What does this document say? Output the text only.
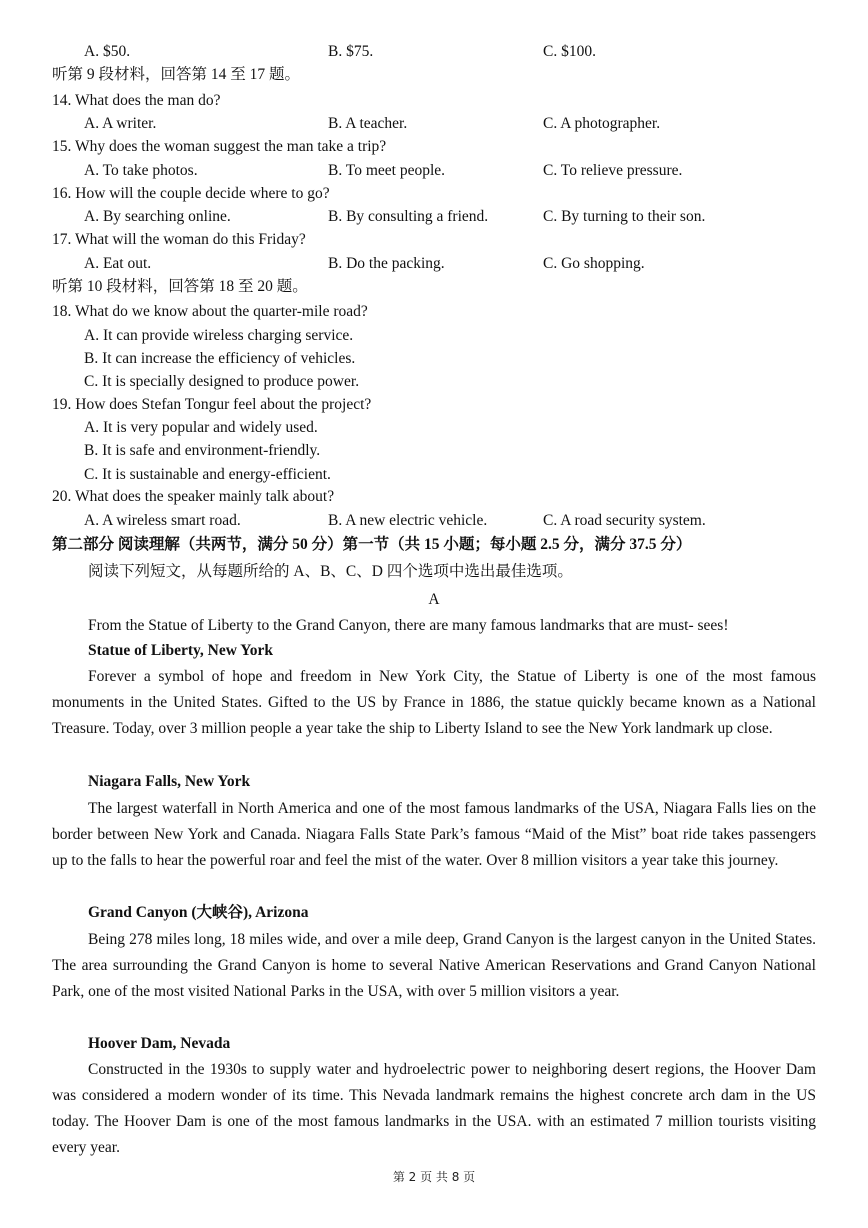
A. $50.	B. $75.	C. $100.
听第 9 段材料，回答第 14 至 17 题。
14. What does the man do?
A. A writer.	B. A teacher.	C. A photographer.
15. Why does the woman suggest the man take a trip?
A. To take photos.	B. To meet people.	C. To relieve pressure.
16. How will the couple decide where to go?
A. By searching online.	B. By consulting a friend.	C. By turning to their son.
17. What will the woman do this Friday?
A. Eat out.	B. Do the packing.	C. Go shopping.
听第 10 段材料，回答第 18 至 20 题。
18. What do we know about the quarter-mile road?
A. It can provide wireless charging service.
B. It can increase the efficiency of vehicles.
C. It is specially designed to produce power.
19. How does Stefan Tongur feel about the project?
A. It is very popular and widely used.
B. It is safe and environment-friendly.
C. It is sustainable and energy-efficient.
20. What does the speaker mainly talk about?
A. A wireless smart road.	B. A new electric vehicle.	C. A road security system.
第二部分 阅读理解（共两节，满分 50 分）第一节（共 15 小题；每小题 2.5 分，满分 37.5 分）
阅读下列短文，从每题所给的 A、B、C、D 四个选项中选出最佳选项。
A
From the Statue of Liberty to the Grand Canyon, there are many famous landmarks that are must- sees!
Statue of Liberty, New York
Forever a symbol of hope and freedom in New York City, the Statue of Liberty is one of the most famous monuments in the United States. Gifted to the US by France in 1886, the statue quickly became known as a National Treasure. Today, over 3 million people a year take the ship to Liberty Island to see the New York landmark up close.
Niagara Falls, New York
The largest waterfall in North America and one of the most famous landmarks of the USA, Niagara Falls lies on the border between New York and Canada. Niagara Falls State Park’s famous “Maid of the Mist” boat ride takes passengers up to the falls to hear the powerful roar and feel the mist of the water. Over 8 million visitors a year take this journey.
Grand Canyon (大峡谷), Arizona
Being 278 miles long, 18 miles wide, and over a mile deep, Grand Canyon is the largest canyon in the United States. The area surrounding the Grand Canyon is home to several Native American Reservations and Grand Canyon National Park, one of the most visited National Parks in the USA, with over 5 million visitors a year.
Hoover Dam, Nevada
Constructed in the 1930s to supply water and hydroelectric power to neighboring desert regions, the Hoover Dam was considered a modern wonder of its time. This Nevada landmark remains the highest concrete arch dam in the US today. The Hoover Dam is one of the most famous landmarks in the USA. with an estimated 7 million tourists visiting every year.
第 2 页 共 8 页
